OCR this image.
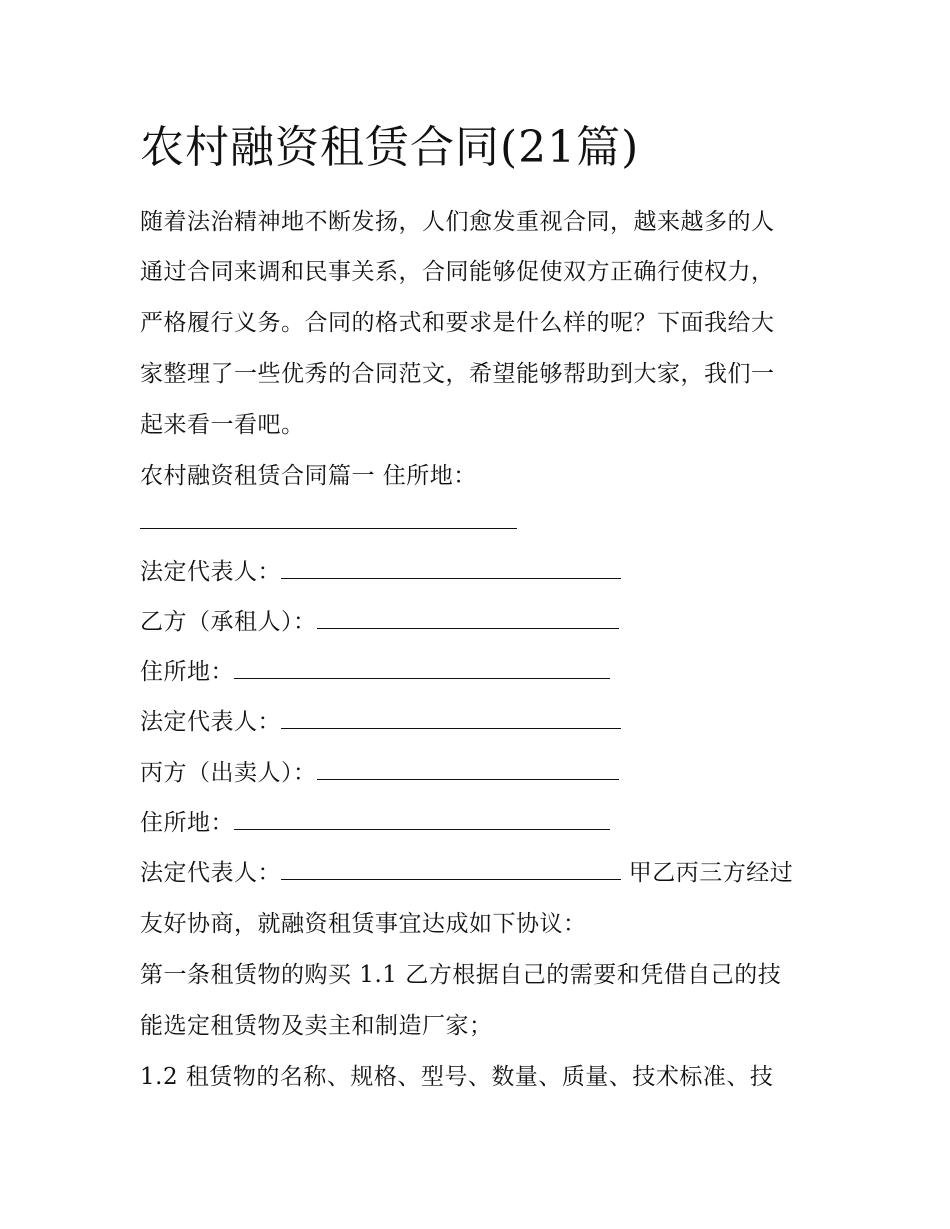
农村融资租赁合同(21篇)
随着法治精神地不断发扬，人们愈发重视合同，越来越多的人
通过合同来调和民事关系，合同能够促使双方正确行使权力，
严格履行义务。合同的格式和要求是什么样的呢？下面我给大
家整理了一些优秀的合同范文，希望能够帮助到大家，我们一
起来看一看吧。
农村融资租赁合同篇一 住所地：
法定代表人：
乙方（承租人）：
住所地：
法定代表人：
丙方（出卖人）：
住所地：
法定代表人：	甲乙丙三方经过
友好协商，就融资租赁事宜达成如下协议：
第一条租赁物的购买 1.1 乙方根据自己的需要和凭借自己的技
能选定租赁物及卖主和制造厂家；
1.2 租赁物的名称、规格、型号、数量、质量、技术标准、技
